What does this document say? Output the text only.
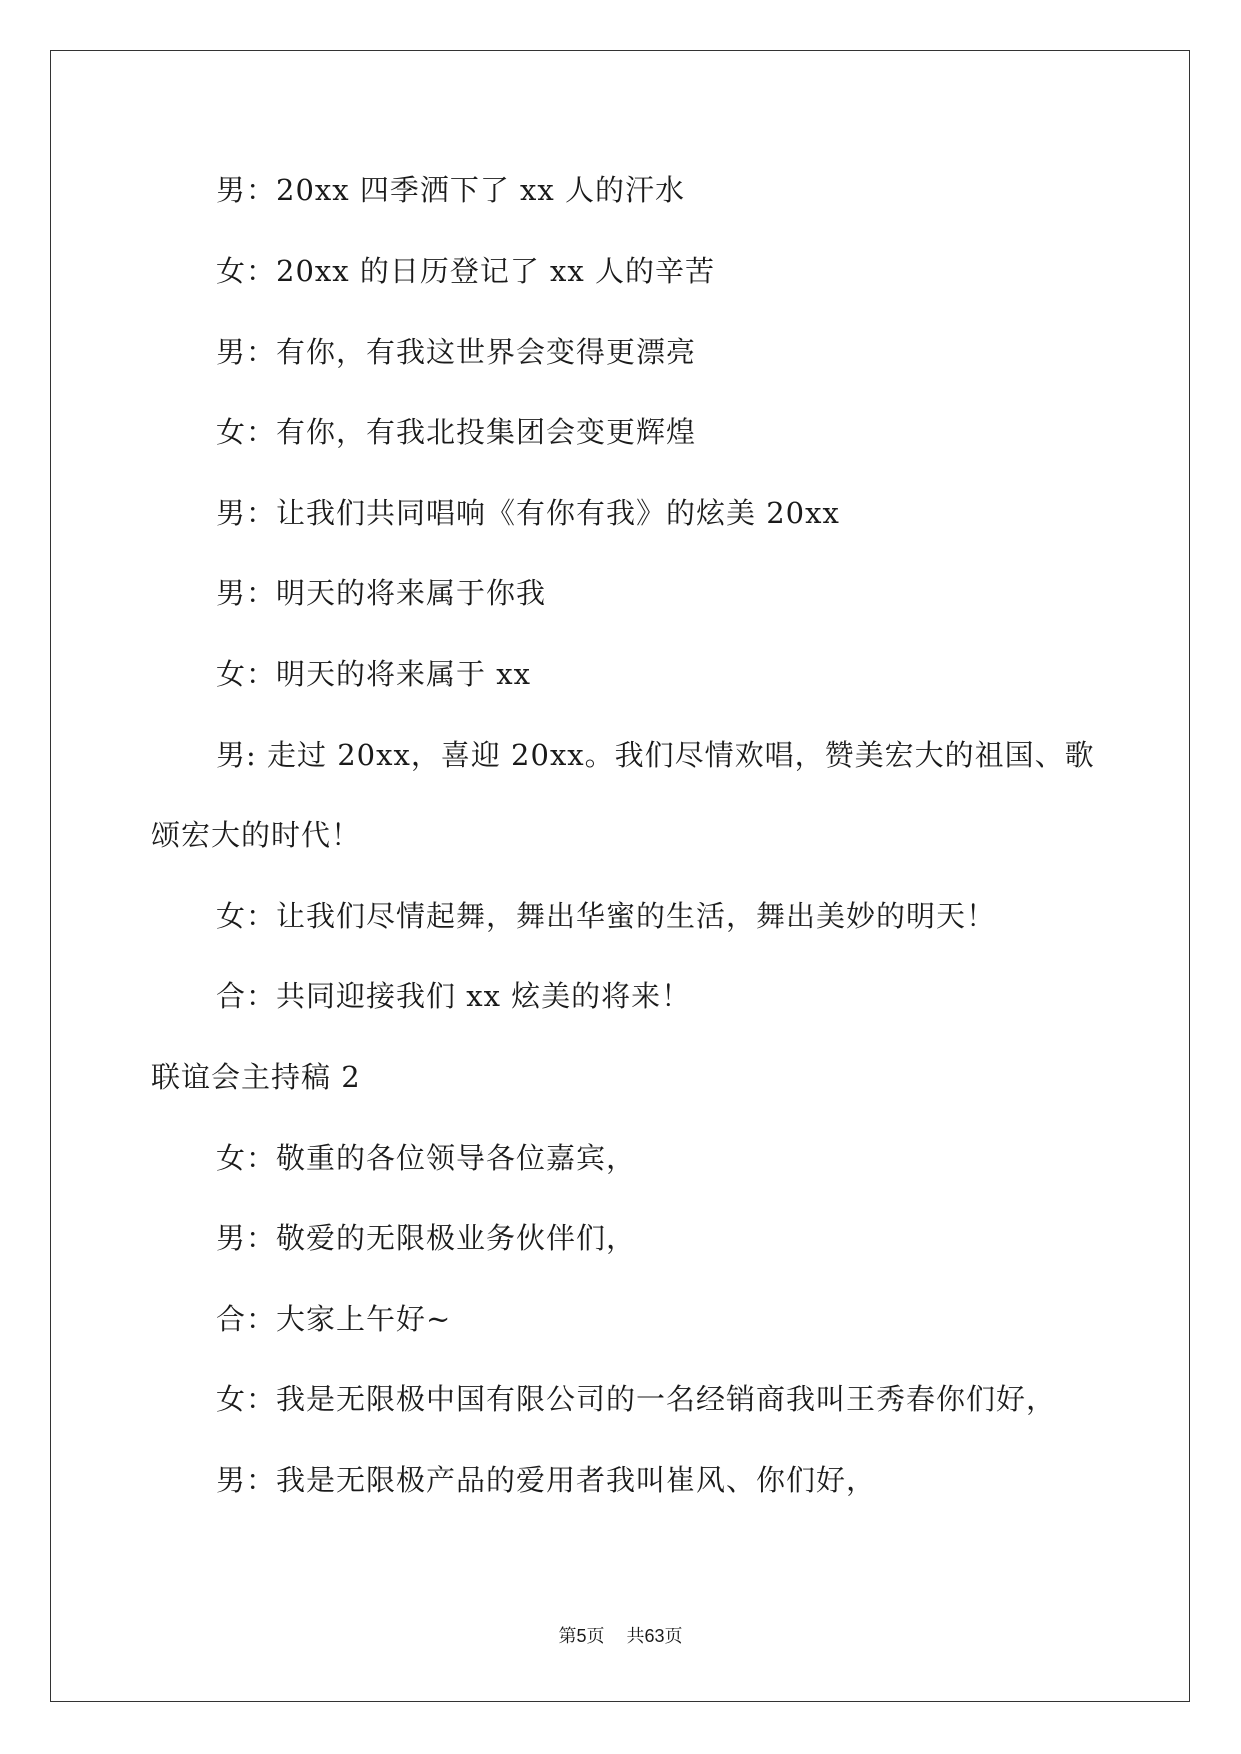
男：20xx 四季洒下了 xx 人的汗水
女：20xx 的日历登记了 xx 人的辛苦
男：有你，有我这世界会变得更漂亮
女：有你，有我北投集团会变更辉煌
男：让我们共同唱响《有你有我》的炫美 20xx
男：明天的将来属于你我
女：明天的将来属于 xx
男: 走过 20xx，喜迎 20xx。我们尽情欢唱，赞美宏大的祖国、歌
颂宏大的时代！
女：让我们尽情起舞，舞出华蜜的生活，舞出美妙的明天！
合：共同迎接我们 xx 炫美的将来！
联谊会主持稿 2
女：敬重的各位领导各位嘉宾，
男：敬爱的无限极业务伙伴们，
合：大家上午好~
女：我是无限极中国有限公司的一名经销商我叫王秀春你们好，
男：我是无限极产品的爱用者我叫崔风、你们好，
第5页 共63页
